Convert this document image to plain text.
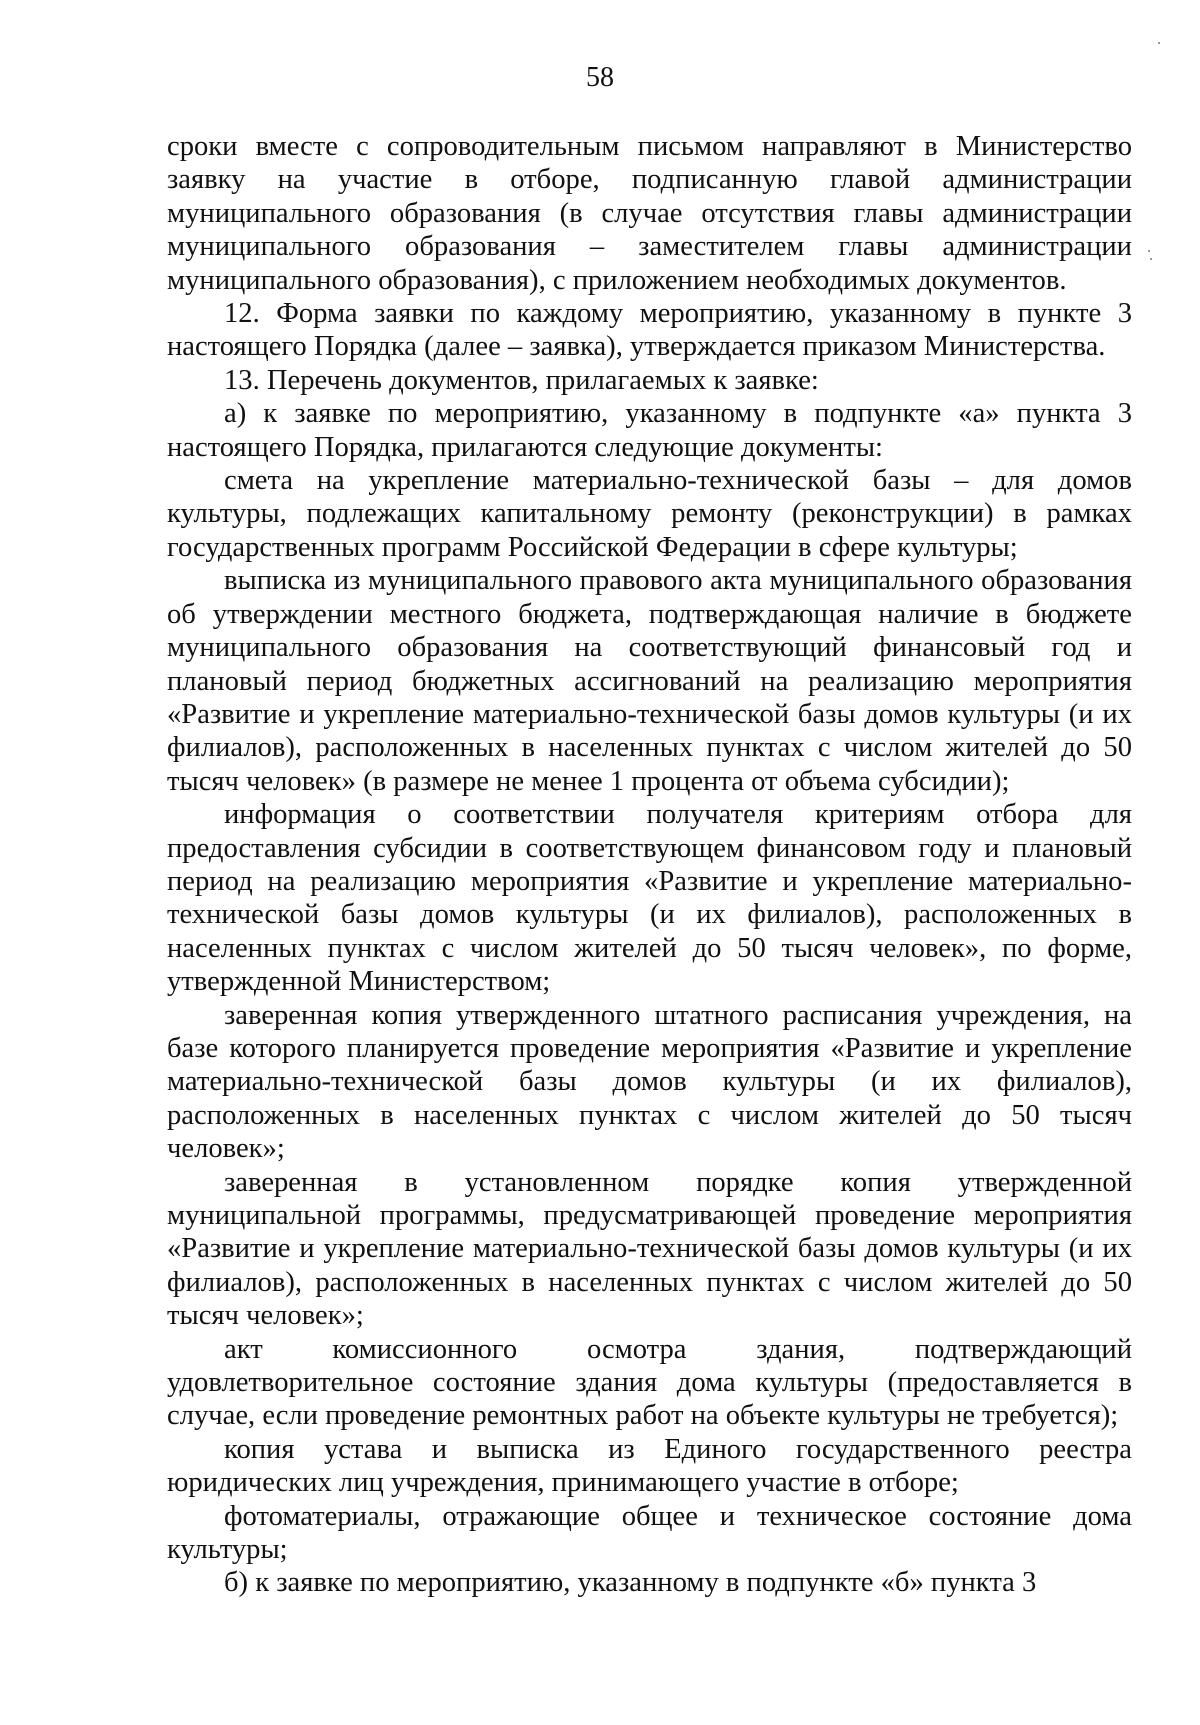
58

сроки вместе с сопроводительным письмом направляют в Министерство заявку на участие в отборе, подписанную главой администрации муниципального образования (в случае отсутствия главы администрации муниципального образования – заместителем главы администрации муниципального образования), с приложением необходимых документов.

12. Форма заявки по каждому мероприятию, указанному в пункте 3 настоящего Порядка (далее – заявка), утверждается приказом Министерства.

13. Перечень документов, прилагаемых к заявке:

а) к заявке по мероприятию, указанному в подпункте «а» пункта 3 настоящего Порядка, прилагаются следующие документы:

смета на укрепление материально-технической базы – для домов культуры, подлежащих капитальному ремонту (реконструкции) в рамках государственных программ Российской Федерации в сфере культуры;

выписка из муниципального правового акта муниципального образования об утверждении местного бюджета, подтверждающая наличие в бюджете муниципального образования на соответствующий финансовый год и плановый период бюджетных ассигнований на реализацию мероприятия «Развитие и укрепление материально-технической базы домов культуры (и их филиалов), расположенных в населенных пунктах с числом жителей до 50 тысяч человек» (в размере не менее 1 процента от объема субсидии);

информация о соответствии получателя критериям отбора для предоставления субсидии в соответствующем финансовом году и плановый период на реализацию мероприятия «Развитие и укрепление материально-технической базы домов культуры (и их филиалов), расположенных в населенных пунктах с числом жителей до 50 тысяч человек», по форме, утвержденной Министерством;

заверенная копия утвержденного штатного расписания учреждения, на базе которого планируется проведение мероприятия «Развитие и укрепление материально-технической базы домов культуры (и их филиалов), расположенных в населенных пунктах с числом жителей до 50 тысяч человек»;

заверенная в установленном порядке копия утвержденной муниципальной программы, предусматривающей проведение мероприятия «Развитие и укрепление материально-технической базы домов культуры (и их филиалов), расположенных в населенных пунктах с числом жителей до 50 тысяч человек»;

акт комиссионного осмотра здания, подтверждающий удовлетворительное состояние здания дома культуры (предоставляется в случае, если проведение ремонтных работ на объекте культуры не требуется);

копия устава и выписка из Единого государственного реестра юридических лиц учреждения, принимающего участие в отборе;

фотоматериалы, отражающие общее и техническое состояние дома культуры;

б) к заявке по мероприятию, указанному в подпункте «б» пункта 3
